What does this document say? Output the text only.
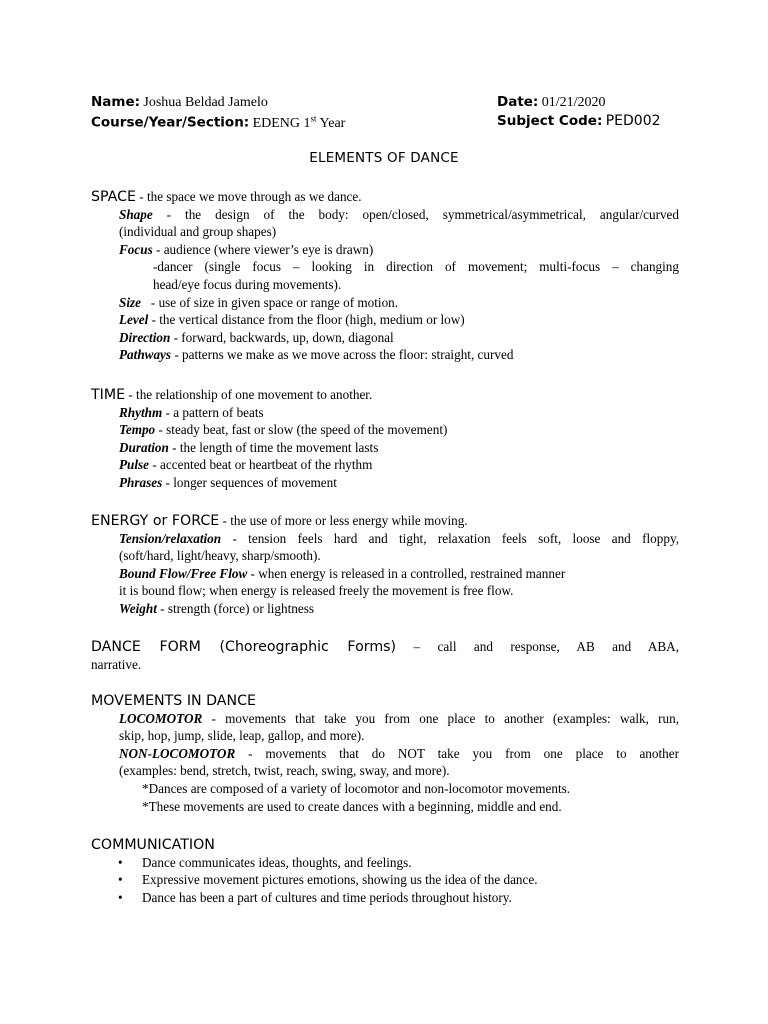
Name: Joshua Beldad Jamelo	Date: 01/21/2020
Course/Year/Section: EDENG 1st Year	Subject Code: PED002
ELEMENTS OF DANCE
SPACE - the space we move through as we dance.
Shape - the design of the body: open/closed, symmetrical/asymmetrical, angular/curved
(individual and group shapes)
Focus - audience (where viewer’s eye is drawn)
-dancer (single focus – looking in direction of movement; multi-focus – changing
head/eye focus during movements).
Size   - use of size in given space or range of motion.
Level - the vertical distance from the floor (high, medium or low)
Direction - forward, backwards, up, down, diagonal
Pathways - patterns we make as we move across the floor: straight, curved
TIME - the relationship of one movement to another.
Rhythm - a pattern of beats
Tempo - steady beat, fast or slow (the speed of the movement)
Duration - the length of time the movement lasts
Pulse - accented beat or heartbeat of the rhythm
Phrases - longer sequences of movement
ENERGY or FORCE - the use of more or less energy while moving.
Tension/relaxation - tension feels hard and tight, relaxation feels soft, loose and floppy,
(soft/hard, light/heavy, sharp/smooth).
Bound Flow/Free Flow - when energy is released in a controlled, restrained manner
it is bound flow; when energy is released freely the movement is free flow.
Weight - strength (force) or lightness
DANCE FORM (Choreographic Forms) – call and response, AB and ABA,
narrative.
MOVEMENTS IN DANCE
LOCOMOTOR - movements that take you from one place to another (examples: walk, run,
skip, hop, jump, slide, leap, gallop, and more).
NON-LOCOMOTOR - movements that do NOT take you from one place to another
(examples: bend, stretch, twist, reach, swing, sway, and more).
*Dances are composed of a variety of locomotor and non-locomotor movements.
*These movements are used to create dances with a beginning, middle and end.
COMMUNICATION
• Dance communicates ideas, thoughts, and feelings.
• Expressive movement pictures emotions, showing us the idea of the dance.
• Dance has been a part of cultures and time periods throughout history.
